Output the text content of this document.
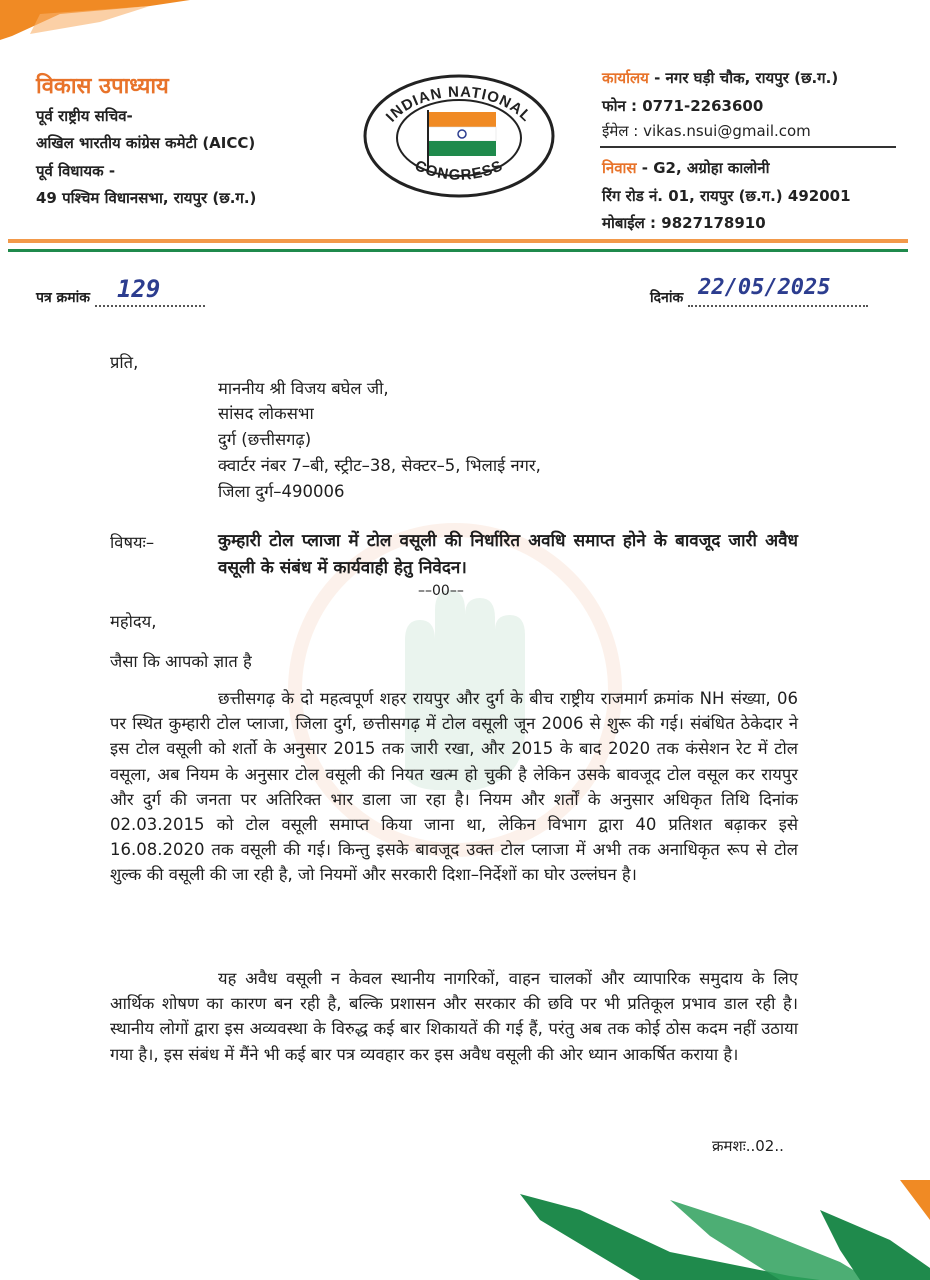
विकास उपाध्याय
पूर्व राष्ट्रीय सचिव-
अखिल भारतीय कांग्रेस कमेटी (AICC)
पूर्व विधायक -
49 पश्चिम विधानसभा, रायपुर (छ.ग.)
INDIAN NATIONAL
CONGRESS
कार्यालय - नगर घड़ी चौक, रायपुर (छ.ग.)
फोन : 0771-2263600
ईमेल : vikas.nsui@gmail.com
निवास - G2, अग्रोहा कालोनी
रिंग रोड नं. 01, रायपुर (छ.ग.) 492001
मोबाईल : 9827178910
पत्र क्रमांक 129	दिनांक 22/05/2025
प्रति,
माननीय श्री विजय बघेल जी,
सांसद लोकसभा
दुर्ग (छत्तीसगढ़)
क्वार्टर नंबर 7–बी, स्ट्रीट–38, सेक्टर–5, भिलाई नगर,
जिला दुर्ग–490006
विषयः–	कुम्हारी टोल प्लाजा में टोल वसूली की निर्धारित अवधि समाप्त होने के बावजूद जारी अवैध वसूली के संबंध में कार्यवाही हेतु निवेदन।

––00––
महोदय,
जैसा कि आपको ज्ञात है

छत्तीसगढ़ के दो महत्वपूर्ण शहर रायपुर और दुर्ग के बीच राष्ट्रीय राजमार्ग क्रमांक NH संख्या, 06 पर स्थित कुम्हारी टोल प्लाजा, जिला दुर्ग, छत्तीसगढ़ में टोल वसूली जून 2006 से शुरू की गई। संबंधित ठेकेदार ने इस टोल वसूली को शर्तो के अनुसार 2015 तक जारी रखा, और 2015 के बाद 2020 तक कंसेशन रेट में टोल वसूला, अब नियम के अनुसार टोल वसूली की नियत खत्म हो चुकी है लेकिन उसके बावजूद टोल वसूल कर रायपुर और दुर्ग की जनता पर अतिरिक्त भार डाला जा रहा है। नियम और शर्तों के अनुसार अधिकृत तिथि दिनांक 02.03.2015 को टोल वसूली समाप्त किया जाना था, लेकिन विभाग द्वारा 40 प्रतिशत बढ़ाकर इसे 16.08.2020 तक वसूली की गई। किन्तु इसके बावजूद उक्त टोल प्लाजा में अभी तक अनाधिकृत रूप से टोल शुल्क की वसूली की जा रही है, जो नियमों और सरकारी दिशा–निर्देशों का घोर उल्लंघन है।

यह अवैध वसूली न केवल स्थानीय नागरिकों, वाहन चालकों और व्यापारिक समुदाय के लिए आर्थिक शोषण का कारण बन रही है, बल्कि प्रशासन और सरकार की छवि पर भी प्रतिकूल प्रभाव डाल रही है। स्थानीय लोगों द्वारा इस अव्यवस्था के विरुद्ध कई बार शिकायतें की गई हैं, परंतु अब तक कोई ठोस कदम नहीं उठाया गया है।, इस संबंध में मैंने भी कई बार पत्र व्यवहार कर इस अवैध वसूली की ओर ध्यान आकर्षित कराया है।

क्रमशः..02..
